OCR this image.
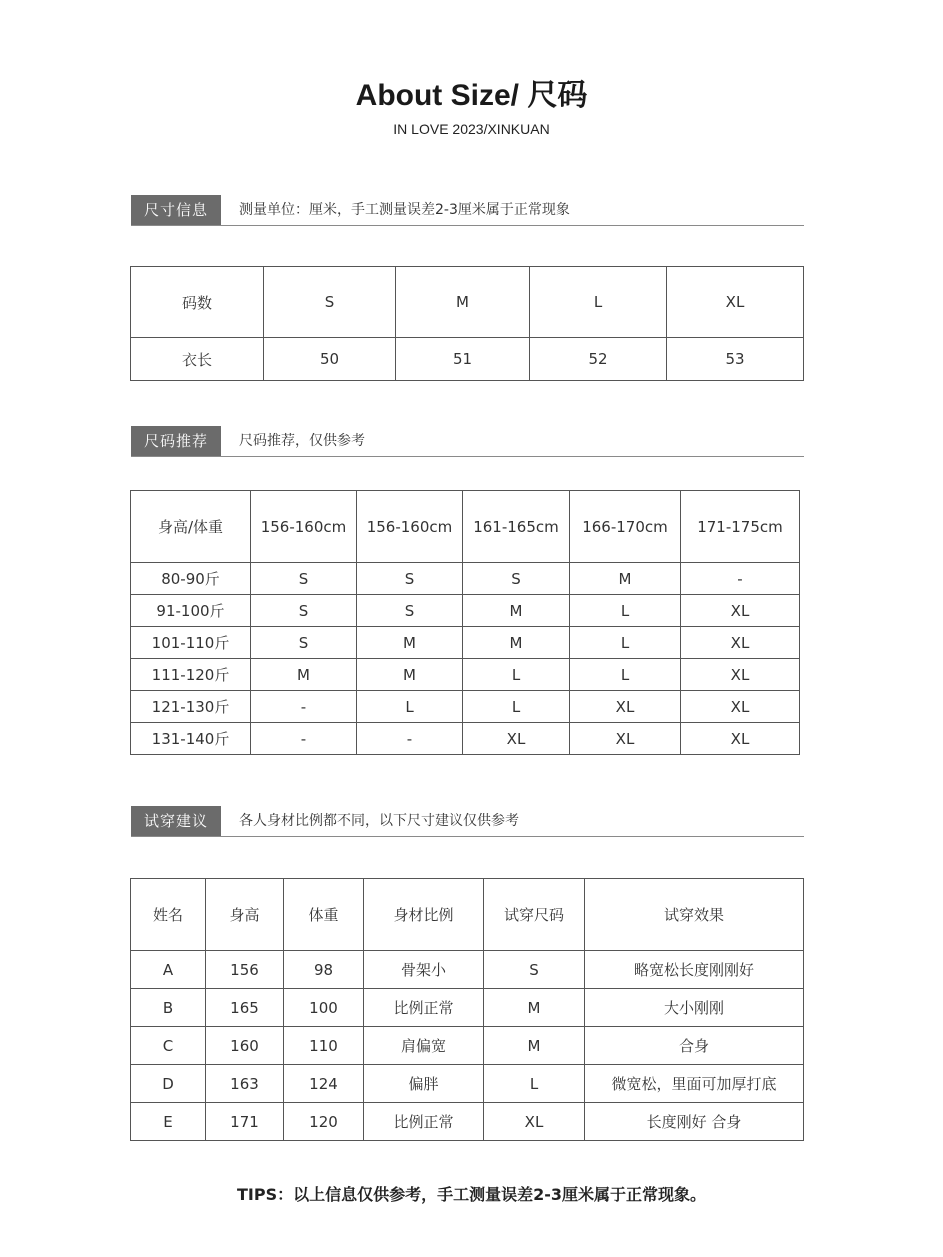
About Size/ 尺码
IN LOVE 2023/XINKUAN
尺寸信息	测量单位：厘米，手工测量误差2-3厘米属于正常现象
码数	S	M	L	XL
衣长	50	51	52	53
尺码推荐	尺码推荐，仅供参考
身高/体重	156-160cm	156-160cm	161-165cm	166-170cm	171-175cm
80-90斤	S	S	S	M	-
91-100斤	S	S	M	L	XL
101-110斤	S	M	M	L	XL
111-120斤	M	M	L	L	XL
121-130斤	-	L	L	XL	XL
131-140斤	-	-	XL	XL	XL
试穿建议	各人身材比例都不同，以下尺寸建议仅供参考
姓名	身高	体重	身材比例	试穿尺码	试穿效果
A	156	98	骨架小	S	略宽松长度刚刚好
B	165	100	比例正常	M	大小刚刚
C	160	110	肩偏宽	M	合身
D	163	124	偏胖	L	微宽松，里面可加厚打底
E	171	120	比例正常	XL	长度刚好 合身
TIPS：以上信息仅供参考，手工测量误差2-3厘米属于正常现象。
